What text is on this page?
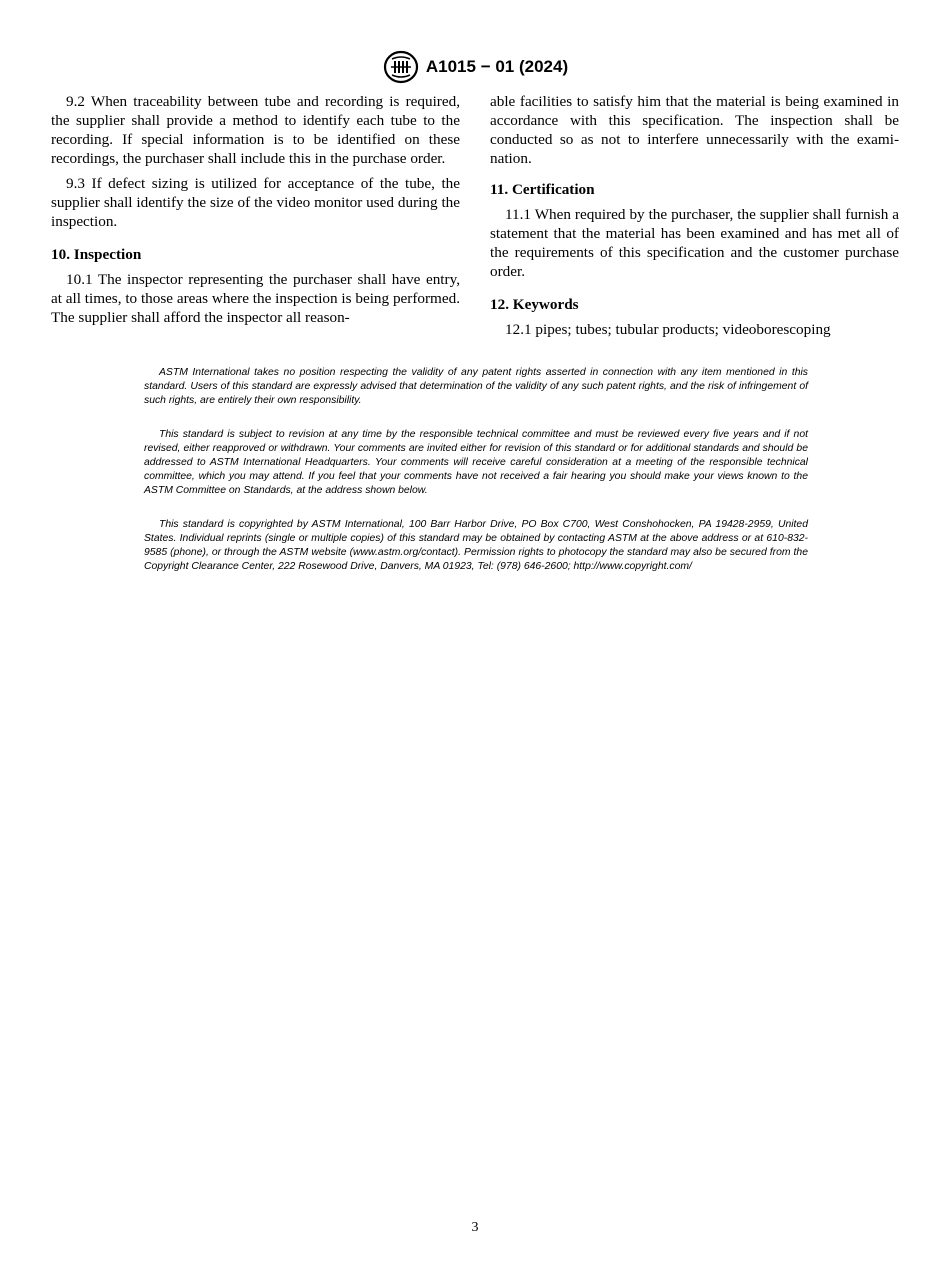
A1015 − 01 (2024)

9.2 When traceability between tube and recording is required, the supplier shall provide a method to identify each tube to the recording. If special information is to be identified on these recordings, the purchaser shall include this in the purchase order.

9.3 If defect sizing is utilized for acceptance of the tube, the supplier shall identify the size of the video monitor used during the inspection.

10. Inspection

10.1 The inspector representing the purchaser shall have entry, at all times, to those areas where the inspection is being performed. The supplier shall afford the inspector all reason-

able facilities to satisfy him that the material is being examined in accordance with this specification. The inspection shall be conducted so as not to interfere unnecessarily with the exami-nation.

11. Certification

11.1 When required by the purchaser, the supplier shall furnish a statement that the material has been examined and has met all of the requirements of this specification and the customer purchase order.

12. Keywords

12.1 pipes; tubes; tubular products; videoborescoping

ASTM International takes no position respecting the validity of any patent rights asserted in connection with any item mentioned in this standard. Users of this standard are expressly advised that determination of the validity of any such patent rights, and the risk of infringement of such rights, are entirely their own responsibility.

This standard is subject to revision at any time by the responsible technical committee and must be reviewed every five years and if not revised, either reapproved or withdrawn. Your comments are invited either for revision of this standard or for additional standards and should be addressed to ASTM International Headquarters. Your comments will receive careful consideration at a meeting of the responsible technical committee, which you may attend. If you feel that your comments have not received a fair hearing you should make your views known to the ASTM Committee on Standards, at the address shown below.

This standard is copyrighted by ASTM International, 100 Barr Harbor Drive, PO Box C700, West Conshohocken, PA 19428-2959, United States. Individual reprints (single or multiple copies) of this standard may be obtained by contacting ASTM at the above address or at 610-832-9585 (phone), or through the ASTM website (www.astm.org/contact). Permission rights to photocopy the standard may also be secured from the Copyright Clearance Center, 222 Rosewood Drive, Danvers, MA 01923, Tel: (978) 646-2600; http://www.copyright.com/

3
